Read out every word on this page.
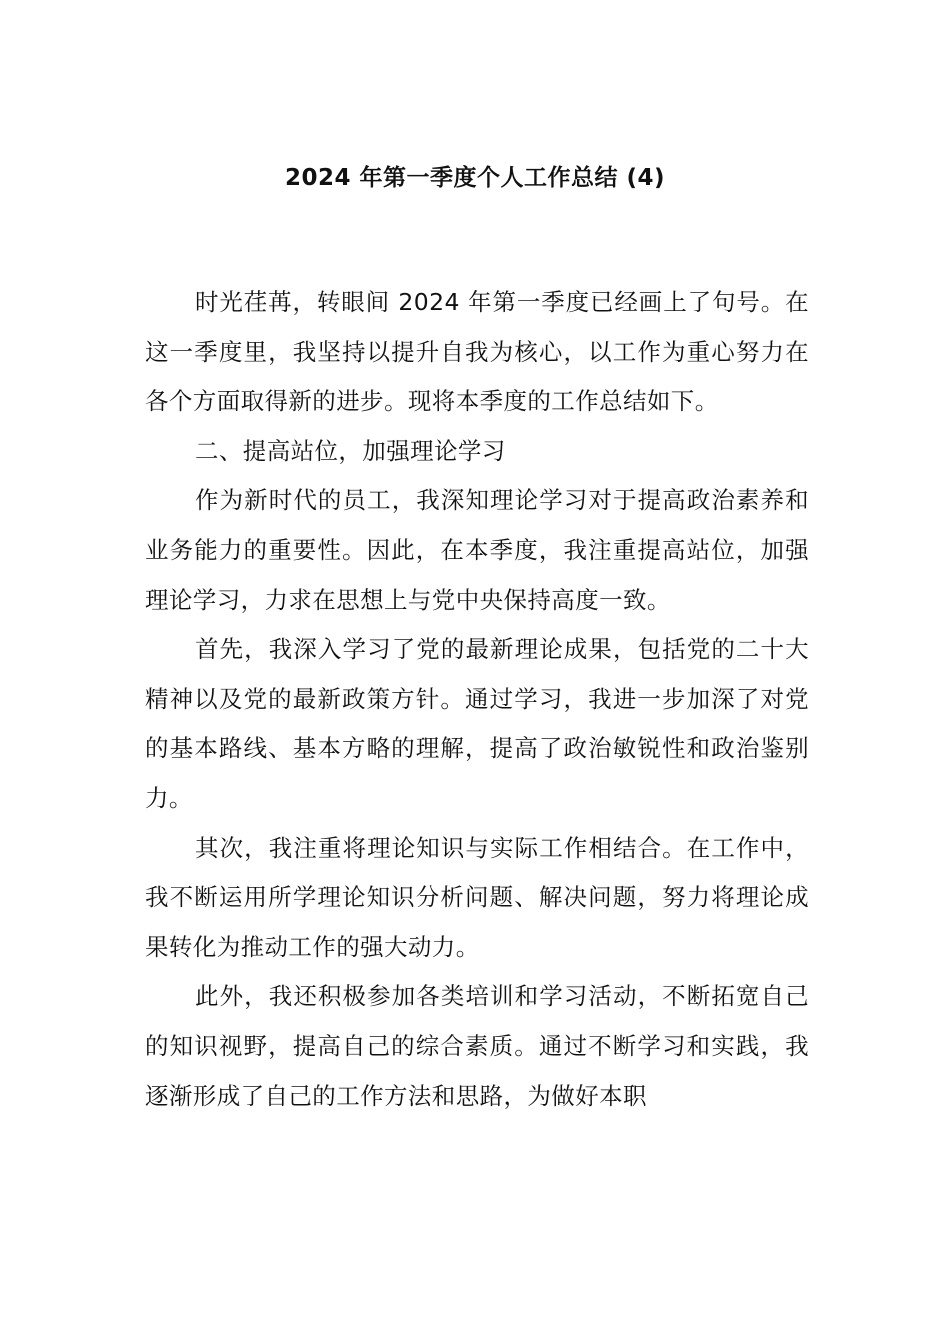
2024 年第一季度个人工作总结 (4)

时光荏苒，转眼间 2024 年第一季度已经画上了句号。在这一季度里，我坚持以提升自我为核心，以工作为重心努力在各个方面取得新的进步。现将本季度的工作总结如下。

二、提高站位，加强理论学习

作为新时代的员工，我深知理论学习对于提高政治素养和业务能力的重要性。因此，在本季度，我注重提高站位，加强理论学习，力求在思想上与党中央保持高度一致。

首先，我深入学习了党的最新理论成果，包括党的二十大精神以及党的最新政策方针。通过学习，我进一步加深了对党的基本路线、基本方略的理解，提高了政治敏锐性和政治鉴别力。

其次，我注重将理论知识与实际工作相结合。在工作中，我不断运用所学理论知识分析问题、解决问题，努力将理论成果转化为推动工作的强大动力。

此外，我还积极参加各类培训和学习活动，不断拓宽自己的知识视野，提高自己的综合素质。通过不断学习和实践，我逐渐形成了自己的工作方法和思路，为做好本职
